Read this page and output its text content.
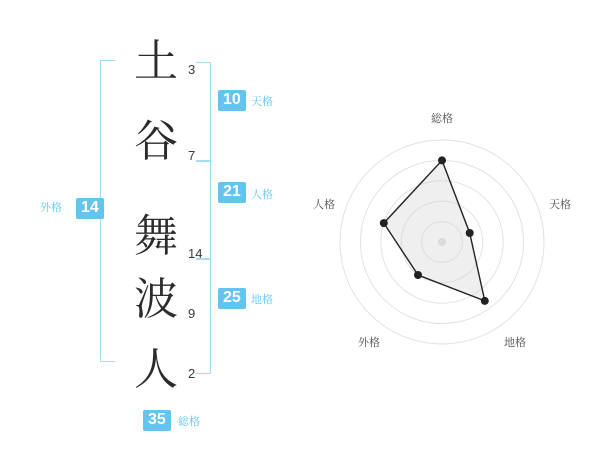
14
外格
土
谷
舞
波
人
3
7
14
9
2
10 天格
21 人格
25 地格
35	総格
総格
天格
地格
外格
人格
